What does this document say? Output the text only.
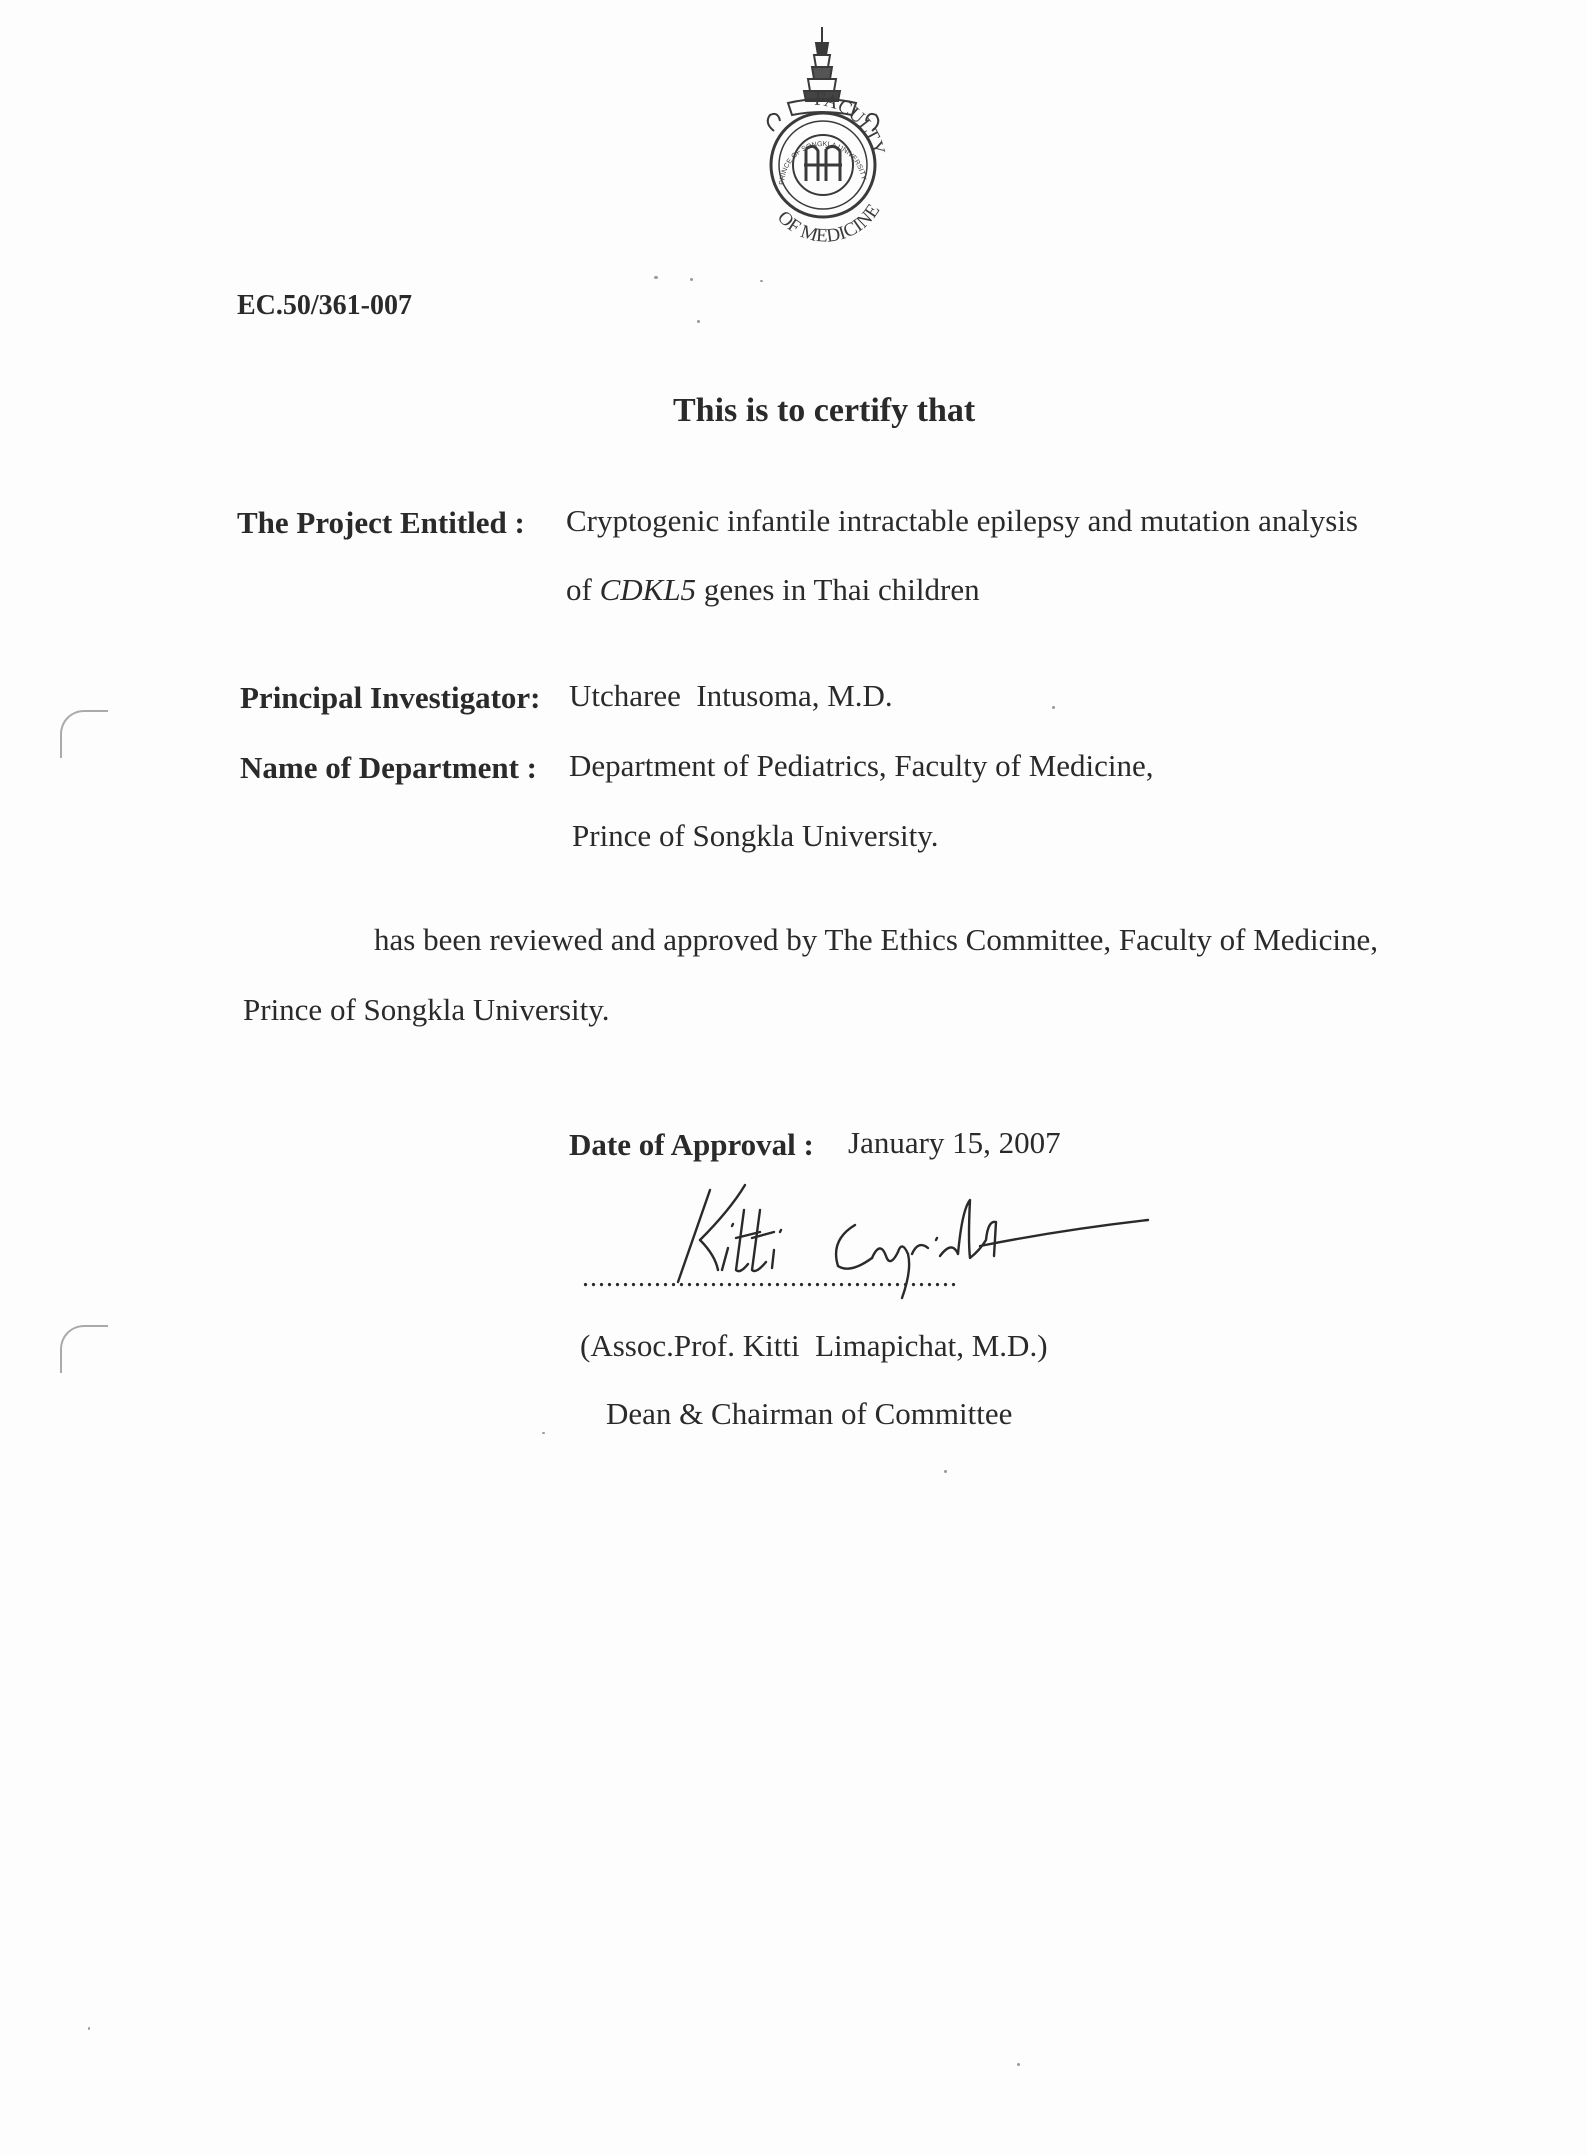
PRINCE OF SONGKLA UNIVERSITY
FACULTY
OF MEDICINE
EC.50/361-007
This is to certify that
The Project Entitled : Cryptogenic infantile intractable epilepsy and mutation analysis
of CDKL5 genes in Thai children
Principal Investigator: Utcharee  Intusoma, M.D.
Name of Department : Department of Pediatrics, Faculty of Medicine,
Prince of Songkla University.
has been reviewed and approved by The Ethics Committee, Faculty of Medicine,
Prince of Songkla University.
Date of Approval : January 15, 2007
...............................................
(Assoc.Prof. Kitti  Limapichat, M.D.)
Dean & Chairman of Committee
